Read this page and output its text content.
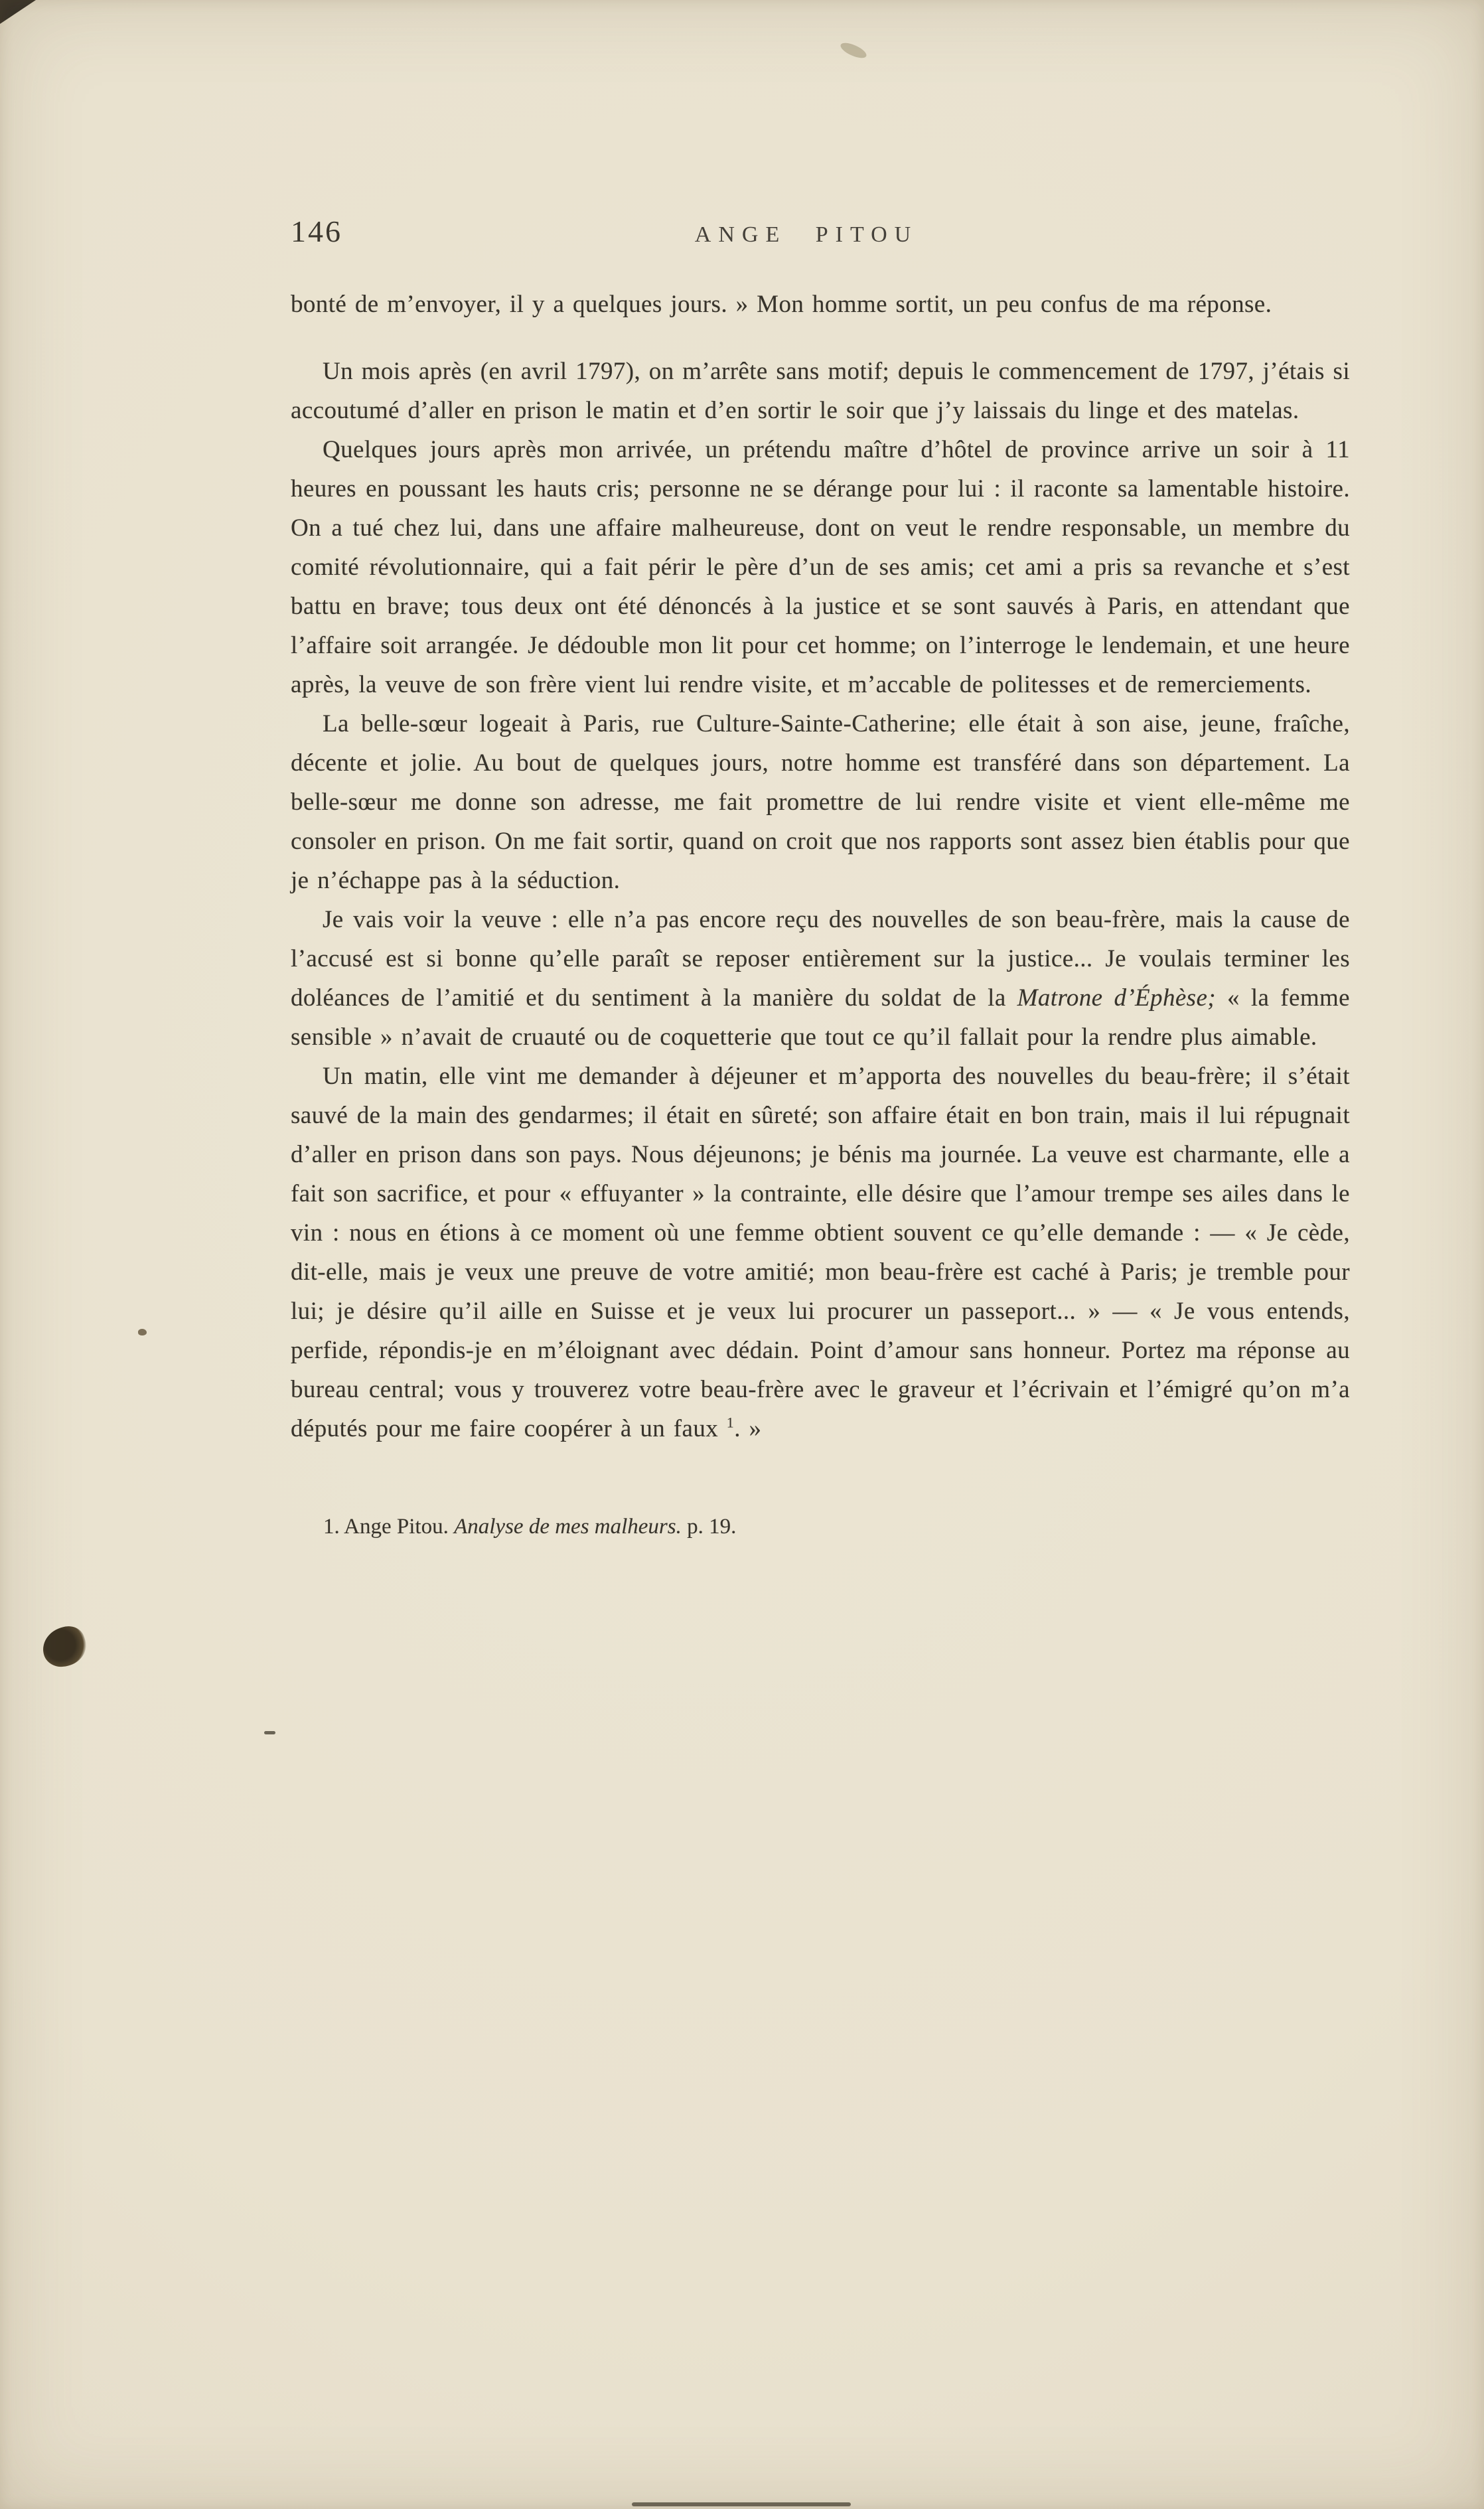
146	ANGE PITOU

bonté de m’envoyer, il y a quelques jours. » Mon homme sortit, un peu confus de ma réponse.

Un mois après (en avril 1797), on m’arrête sans motif; depuis le commencement de 1797, j’étais si accoutumé d’aller en prison le matin et d’en sortir le soir que j’y laissais du linge et des matelas.

Quelques jours après mon arrivée, un prétendu maître d’hôtel de province arrive un soir à 11 heures en poussant les hauts cris; personne ne se dérange pour lui : il raconte sa lamentable histoire. On a tué chez lui, dans une affaire malheureuse, dont on veut le rendre responsable, un membre du comité révolutionnaire, qui a fait périr le père d’un de ses amis; cet ami a pris sa revanche et s’est battu en brave; tous deux ont été dénoncés à la justice et se sont sauvés à Paris, en attendant que l’affaire soit arrangée. Je dédouble mon lit pour cet homme; on l’interroge le lendemain, et une heure après, la veuve de son frère vient lui rendre visite, et m’accable de politesses et de remerciements.

La belle-sœur logeait à Paris, rue Culture-Sainte-Catherine; elle était à son aise, jeune, fraîche, décente et jolie. Au bout de quelques jours, notre homme est transféré dans son département. La belle-sœur me donne son adresse, me fait promettre de lui rendre visite et vient elle-même me consoler en prison. On me fait sortir, quand on croit que nos rapports sont assez bien établis pour que je n’échappe pas à la séduction.

Je vais voir la veuve : elle n’a pas encore reçu des nouvelles de son beau-frère, mais la cause de l’accusé est si bonne qu’elle paraît se reposer entièrement sur la justice... Je voulais terminer les doléances de l’amitié et du sentiment à la manière du soldat de la Matrone d’Éphèse; « la femme sensible » n’avait de cruauté ou de coquetterie que tout ce qu’il fallait pour la rendre plus aimable.

Un matin, elle vint me demander à déjeuner et m’apporta des nouvelles du beau-frère; il s’était sauvé de la main des gendarmes; il était en sûreté; son affaire était en bon train, mais il lui répugnait d’aller en prison dans son pays. Nous déjeunons; je bénis ma journée. La veuve est charmante, elle a fait son sacrifice, et pour « effuyanter » la contrainte, elle désire que l’amour trempe ses ailes dans le vin : nous en étions à ce moment où une femme obtient souvent ce qu’elle demande : — « Je cède, dit-elle, mais je veux une preuve de votre amitié; mon beau-frère est caché à Paris; je tremble pour lui; je désire qu’il aille en Suisse et je veux lui procurer un passeport... » — « Je vous entends, perfide, répondis-je en m’éloignant avec dédain. Point d’amour sans honneur. Portez ma réponse au bureau central; vous y trouverez votre beau-frère avec le graveur et l’écrivain et l’émigré qu’on m’a députés pour me faire coopérer à un faux $^1$. »

1. Ange Pitou. Analyse de mes malheurs. p. 19.
